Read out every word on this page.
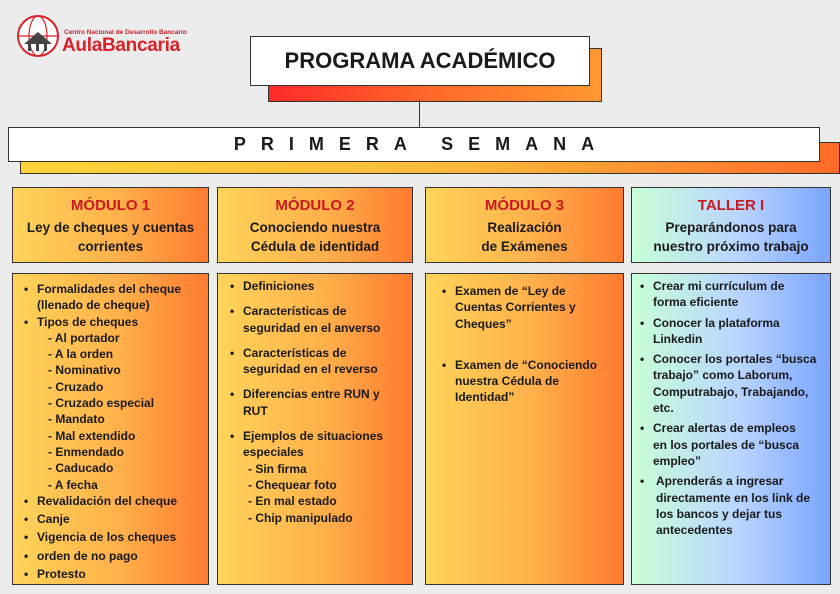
Centro Nacional de Desarrollo Bancario
AulaBancaria
PROGRAMA ACADÉMICO
PRIMERA SEMANA
MÓDULO 1
Ley de cheques y cuentas
corrientes
MÓDULO 2
Conociendo nuestra
Cédula de identidad
MÓDULO 3
Realización
de Exámenes
TALLER I
Preparándonos para
nuestro próximo trabajo
• Formalidades del cheque
(llenado de cheque)
• Tipos de cheques
- Al portador
- A la orden
- Nominativo
- Cruzado
- Cruzado especial
- Mandato
- Mal extendido
- Enmendado
- Caducado
- A fecha
• Revalidación del cheque
• Canje
• Vigencia de los cheques
• orden de no pago
• Protesto
• Definiciones
• Características de
seguridad en el anverso
• Características de
seguridad en el reverso
• Diferencias entre RUN y
RUT
• Ejemplos de situaciones
especiales
- Sin firma
- Chequear foto
- En mal estado
- Chip manipulado
• Examen de “Ley de
Cuentas Corrientes y
Cheques”
• Examen de “Conociendo
nuestra Cédula de
Identidad”
• Crear mi currículum de
forma eficiente
• Conocer la plataforma
Linkedin
• Conocer los portales “busca
trabajo” como Laborum,
Computrabajo, Trabajando,
etc.
• Crear alertas de empleos
en los portales de “busca
empleo”
• Aprenderás a ingresar
directamente en los link de
los bancos y dejar tus
antecedentes
